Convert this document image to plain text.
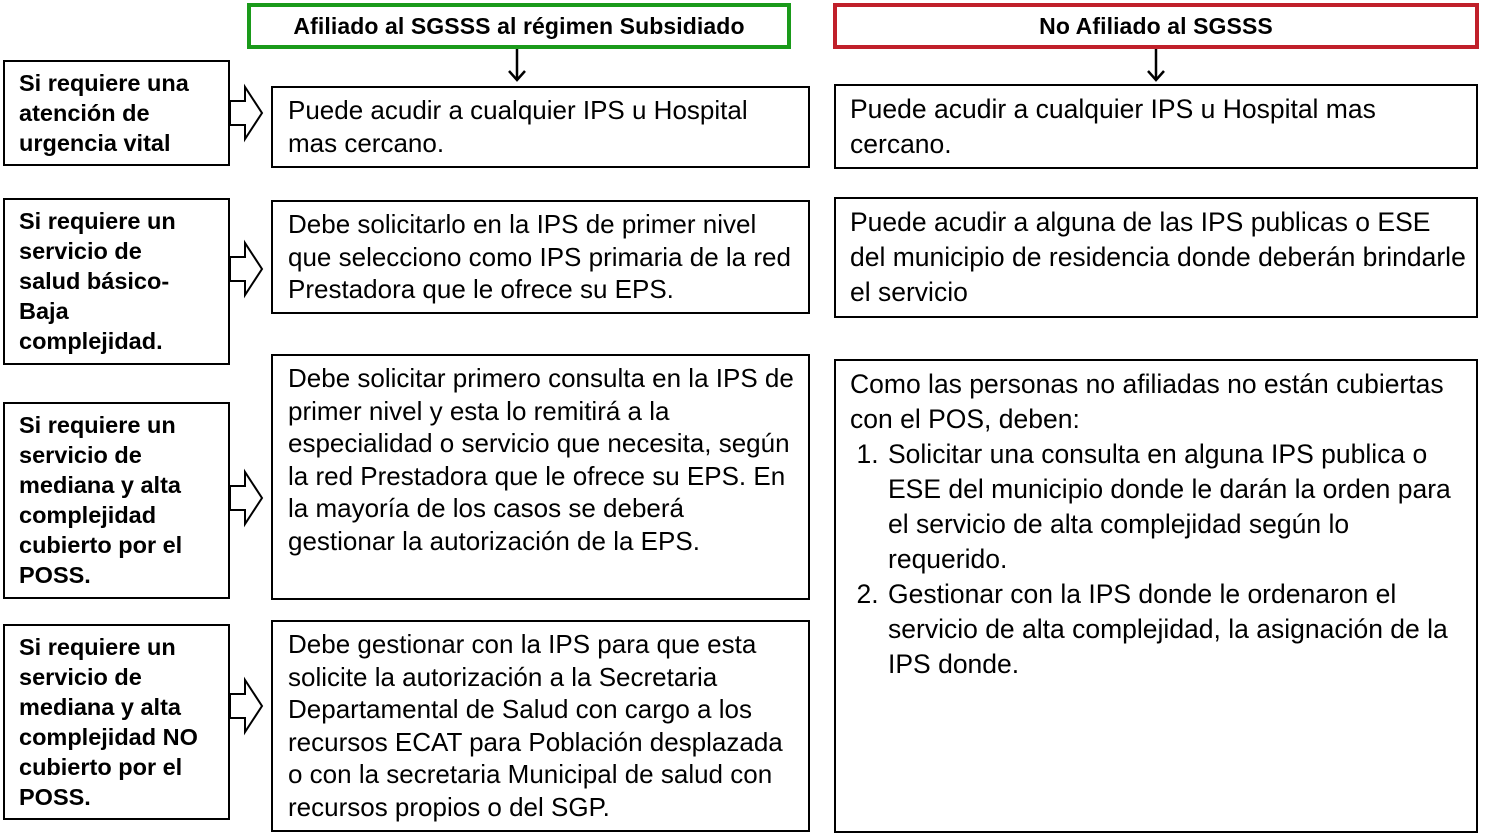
Afiliado al SGSSS al régimen Subsidiado	No Afiliado al SGSSS
Si requiere una
atención de
urgencia vital
Puede acudir a cualquier IPS u Hospital mas cercano.
Puede acudir a cualquier IPS u Hospital mas cercano.
Si requiere un
servicio de
salud básico-
Baja
complejidad.
Debe solicitarlo en la IPS de primer nivel que selecciono como IPS primaria de la red Prestadora que le ofrece su EPS.
Puede acudir a alguna de las IPS publicas o ESE del municipio de residencia donde deberán brindarle el servicio
Si requiere un
servicio de
mediana y alta
complejidad
cubierto por el
POSS.
Debe solicitar primero consulta en la IPS de primer nivel y esta lo remitirá a la especialidad o servicio que necesita, según la red Prestadora que le ofrece su EPS. En la mayoría de los casos se deberá gestionar la autorización de la EPS.
Si requiere un
servicio de
mediana y alta
complejidad NO
cubierto por el
POSS.
Debe gestionar con la IPS para que esta solicite la autorización a la Secretaria Departamental de Salud con cargo a los recursos ECAT para Población desplazada o con la secretaria Municipal de salud con recursos propios o del SGP.
Como las personas no afiliadas no están cubiertas con el POS, deben:
1. Solicitar una consulta en alguna IPS publica o ESE del municipio donde le darán la orden para el servicio de alta complejidad según lo requerido.
2. Gestionar con la IPS donde le ordenaron el servicio de alta complejidad, la asignación de la IPS donde.
